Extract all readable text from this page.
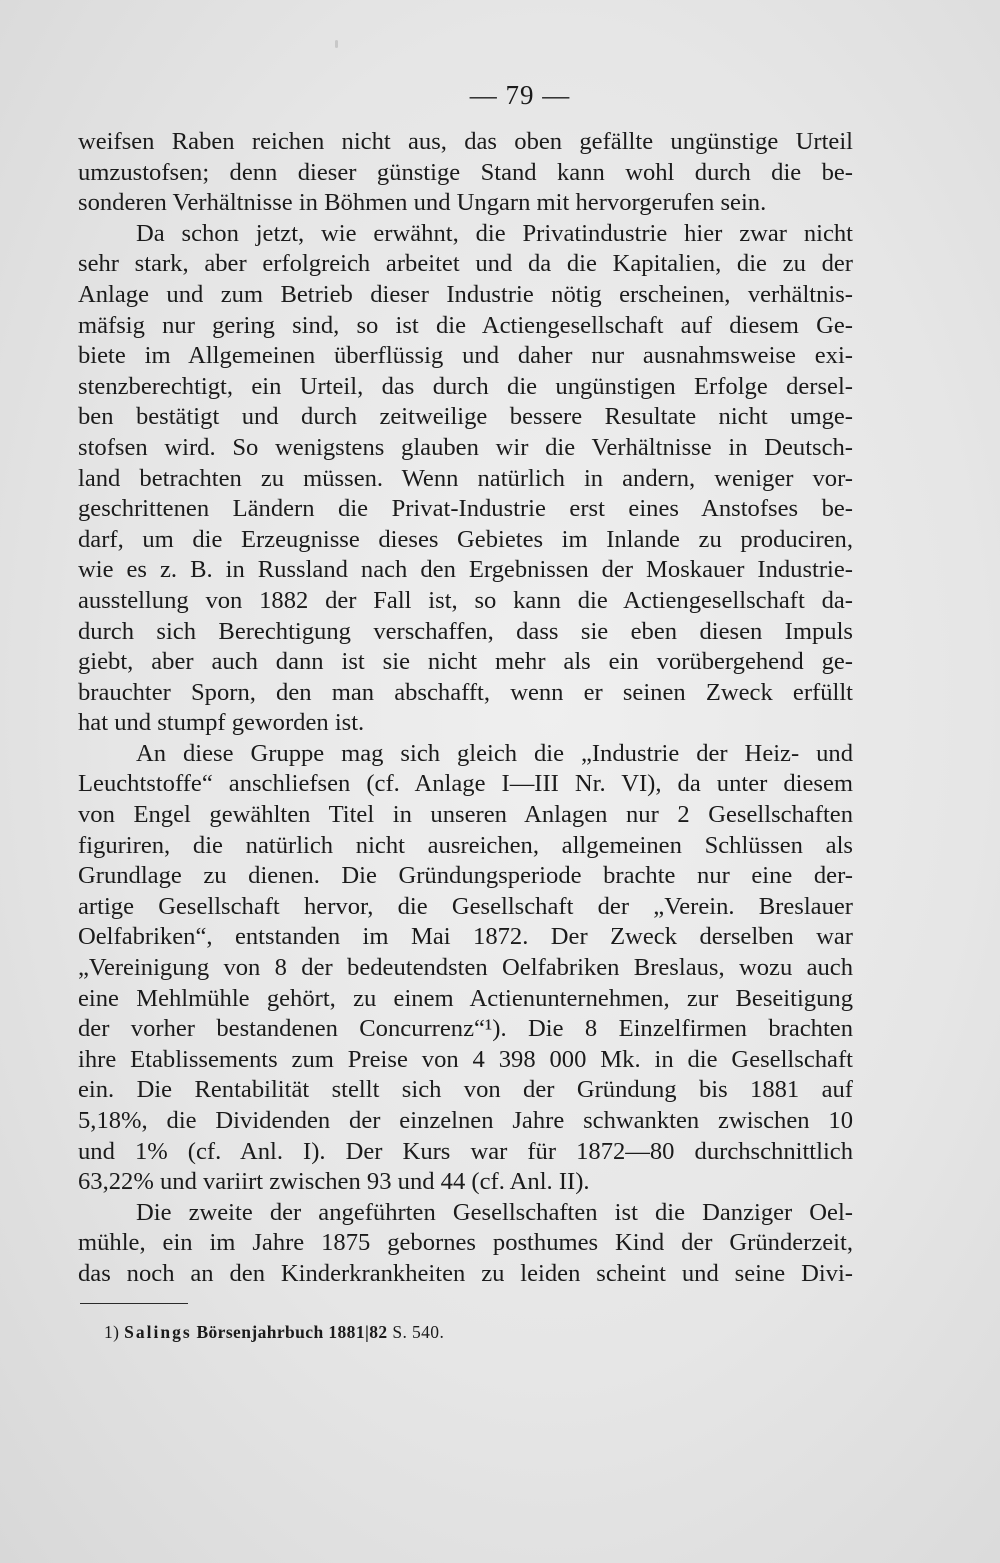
— 79 —
weifsen Raben reichen nicht aus, das oben gefällte ungünstige Urteil
umzustofsen; denn dieser günstige Stand kann wohl durch die be-
sonderen Verhältnisse in Böhmen und Ungarn mit hervorgerufen sein.
Da schon jetzt, wie erwähnt, die Privatindustrie hier zwar nicht
sehr stark, aber erfolgreich arbeitet und da die Kapitalien, die zu der
Anlage und zum Betrieb dieser Industrie nötig erscheinen, verhältnis-
mäfsig nur gering sind, so ist die Actiengesellschaft auf diesem Ge-
biete im Allgemeinen überflüssig und daher nur ausnahmsweise exi-
stenzberechtigt, ein Urteil, das durch die ungünstigen Erfolge dersel-
ben bestätigt und durch zeitweilige bessere Resultate nicht umge-
stofsen wird. So wenigstens glauben wir die Verhältnisse in Deutsch-
land betrachten zu müssen. Wenn natürlich in andern, weniger vor-
geschrittenen Ländern die Privat-Industrie erst eines Anstofses be-
darf, um die Erzeugnisse dieses Gebietes im Inlande zu produciren,
wie es z. B. in Russland nach den Ergebnissen der Moskauer Industrie-
ausstellung von 1882 der Fall ist, so kann die Actiengesellschaft da-
durch sich Berechtigung verschaffen, dass sie eben diesen Impuls
giebt, aber auch dann ist sie nicht mehr als ein vorübergehend ge-
brauchter Sporn, den man abschafft, wenn er seinen Zweck erfüllt
hat und stumpf geworden ist.
An diese Gruppe mag sich gleich die „Industrie der Heiz- und
Leuchtstoffe“ anschliefsen (cf. Anlage I—III Nr. VI), da unter diesem
von Engel gewählten Titel in unseren Anlagen nur 2 Gesellschaften
figuriren, die natürlich nicht ausreichen, allgemeinen Schlüssen als
Grundlage zu dienen. Die Gründungsperiode brachte nur eine der-
artige Gesellschaft hervor, die Gesellschaft der „Verein. Breslauer
Oelfabriken“, entstanden im Mai 1872. Der Zweck derselben war
„Vereinigung von 8 der bedeutendsten Oelfabriken Breslaus, wozu auch
eine Mehlmühle gehört, zu einem Actienunternehmen, zur Beseitigung
der vorher bestandenen Concurrenz“¹). Die 8 Einzelfirmen brachten
ihre Etablissements zum Preise von 4 398 000 Mk. in die Gesellschaft
ein. Die Rentabilität stellt sich von der Gründung bis 1881 auf
5,18%, die Dividenden der einzelnen Jahre schwankten zwischen 10
und 1% (cf. Anl. I). Der Kurs war für 1872—80 durchschnittlich
63,22% und variirt zwischen 93 und 44 (cf. Anl. II).
Die zweite der angeführten Gesellschaften ist die Danziger Oel-
mühle, ein im Jahre 1875 gebornes posthumes Kind der Gründerzeit,
das noch an den Kinderkrankheiten zu leiden scheint und seine Divi-
1) Salings Börsenjahrbuch 1881|82 S. 540.
